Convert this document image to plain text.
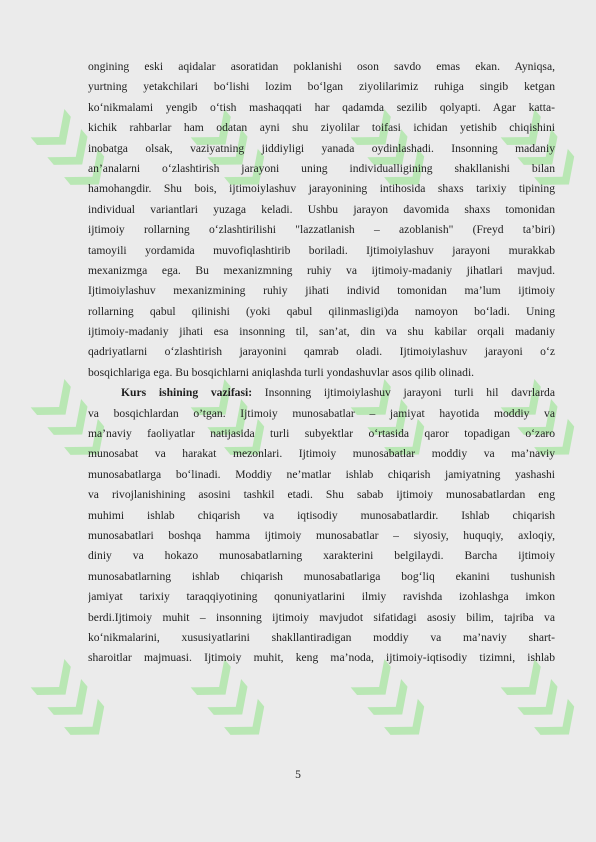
ongining eski aqidalar asoratidan poklanishi oson savdo emas ekan. Ayniqsa,
yurtning yetakchilari bo‘lishi lozim bo‘lgan ziyolilarimiz ruhiga singib ketgan
ko‘nikmalami yengib o‘tish mashaqqati har qadamda sezilib qolyapti. Agar katta-
kichik rahbarlar ham odatan ayni shu ziyolilar toifasi ichidan yetishib chiqishini
inobatga olsak, vaziyatning jiddiyligi yanada oydinlashadi. Insonning madaniy
an’analarni o‘zlashtirish jarayoni uning individualligining shakllanishi bilan
hamohangdir. Shu bois, ijtimoiylashuv jarayonining intihosida shaxs tarixiy tipining
individual variantlari yuzaga keladi. Ushbu jarayon davomida shaxs tomonidan
ijtimoiy rollarning o‘zlashtirilishi "lazzatlanish – azoblanish" (Freyd ta’biri)
tamoyili yordamida muvofiqlashtirib boriladi. Ijtimoiylashuv jarayoni murakkab
mexanizmga ega. Bu mexanizmning ruhiy va ijtimoiy-madaniy jihatlari mavjud.
Ijtimoiylashuv mexanizmining ruhiy jihati individ tomonidan ma’lum ijtimoiy
rollarning qabul qilinishi (yoki qabul qilinmasligi)da namoyon bo‘ladi. Uning
ijtimoiy-madaniy jihati esa insonning til, san’at, din va shu kabilar orqali madaniy
qadriyatlarni o‘zlashtirish jarayonini qamrab oladi. Ijtimoiylashuv jarayoni o‘z
bosqichlariga ega. Bu bosqichlarni aniqlashda turli yondashuvlar asos qilib olinadi.
Kurs ishining vazifasi: Insonning ijtimoiylashuv jarayoni turli hil davrlarda
va bosqichlardan o’tgan. Ijtimoiy munosabatlar – jamiyat hayotida moddiy va
ma’naviy faoliyatlar natijasida turli subyektlar o‘rtasida qaror topadigan o‘zaro
munosabat va harakat mezonlari. Ijtimoiy munosabatlar moddiy va ma’naviy
munosabatlarga bo‘linadi. Moddiy ne’matlar ishlab chiqarish jamiyatning yashashi
va rivojlanishining asosini tashkil etadi. Shu sabab ijtimoiy munosabatlardan eng
muhimi ishlab chiqarish va iqtisodiy munosabatlardir. Ishlab chiqarish
munosabatlari boshqa hamma ijtimoiy munosabatlar – siyosiy, huquqiy, axloqiy,
diniy va hokazo munosabatlarning xarakterini belgilaydi. Barcha ijtimoiy
munosabatlarning ishlab chiqarish munosabatlariga bog‘liq ekanini tushunish
jamiyat tarixiy taraqqiyotining qonuniyatlarini ilmiy ravishda izohlashga imkon
berdi.Ijtimoiy muhit – insonning ijtimoiy mavjudot sifatidagi asosiy bilim, tajriba va
ko‘nikmalarini, xususiyatlarini shakllantiradigan moddiy va ma’naviy shart-
sharoitlar majmuasi. Ijtimoiy muhit, keng ma’noda, ijtimoiy-iqtisodiy tizimni, ishlab
5
